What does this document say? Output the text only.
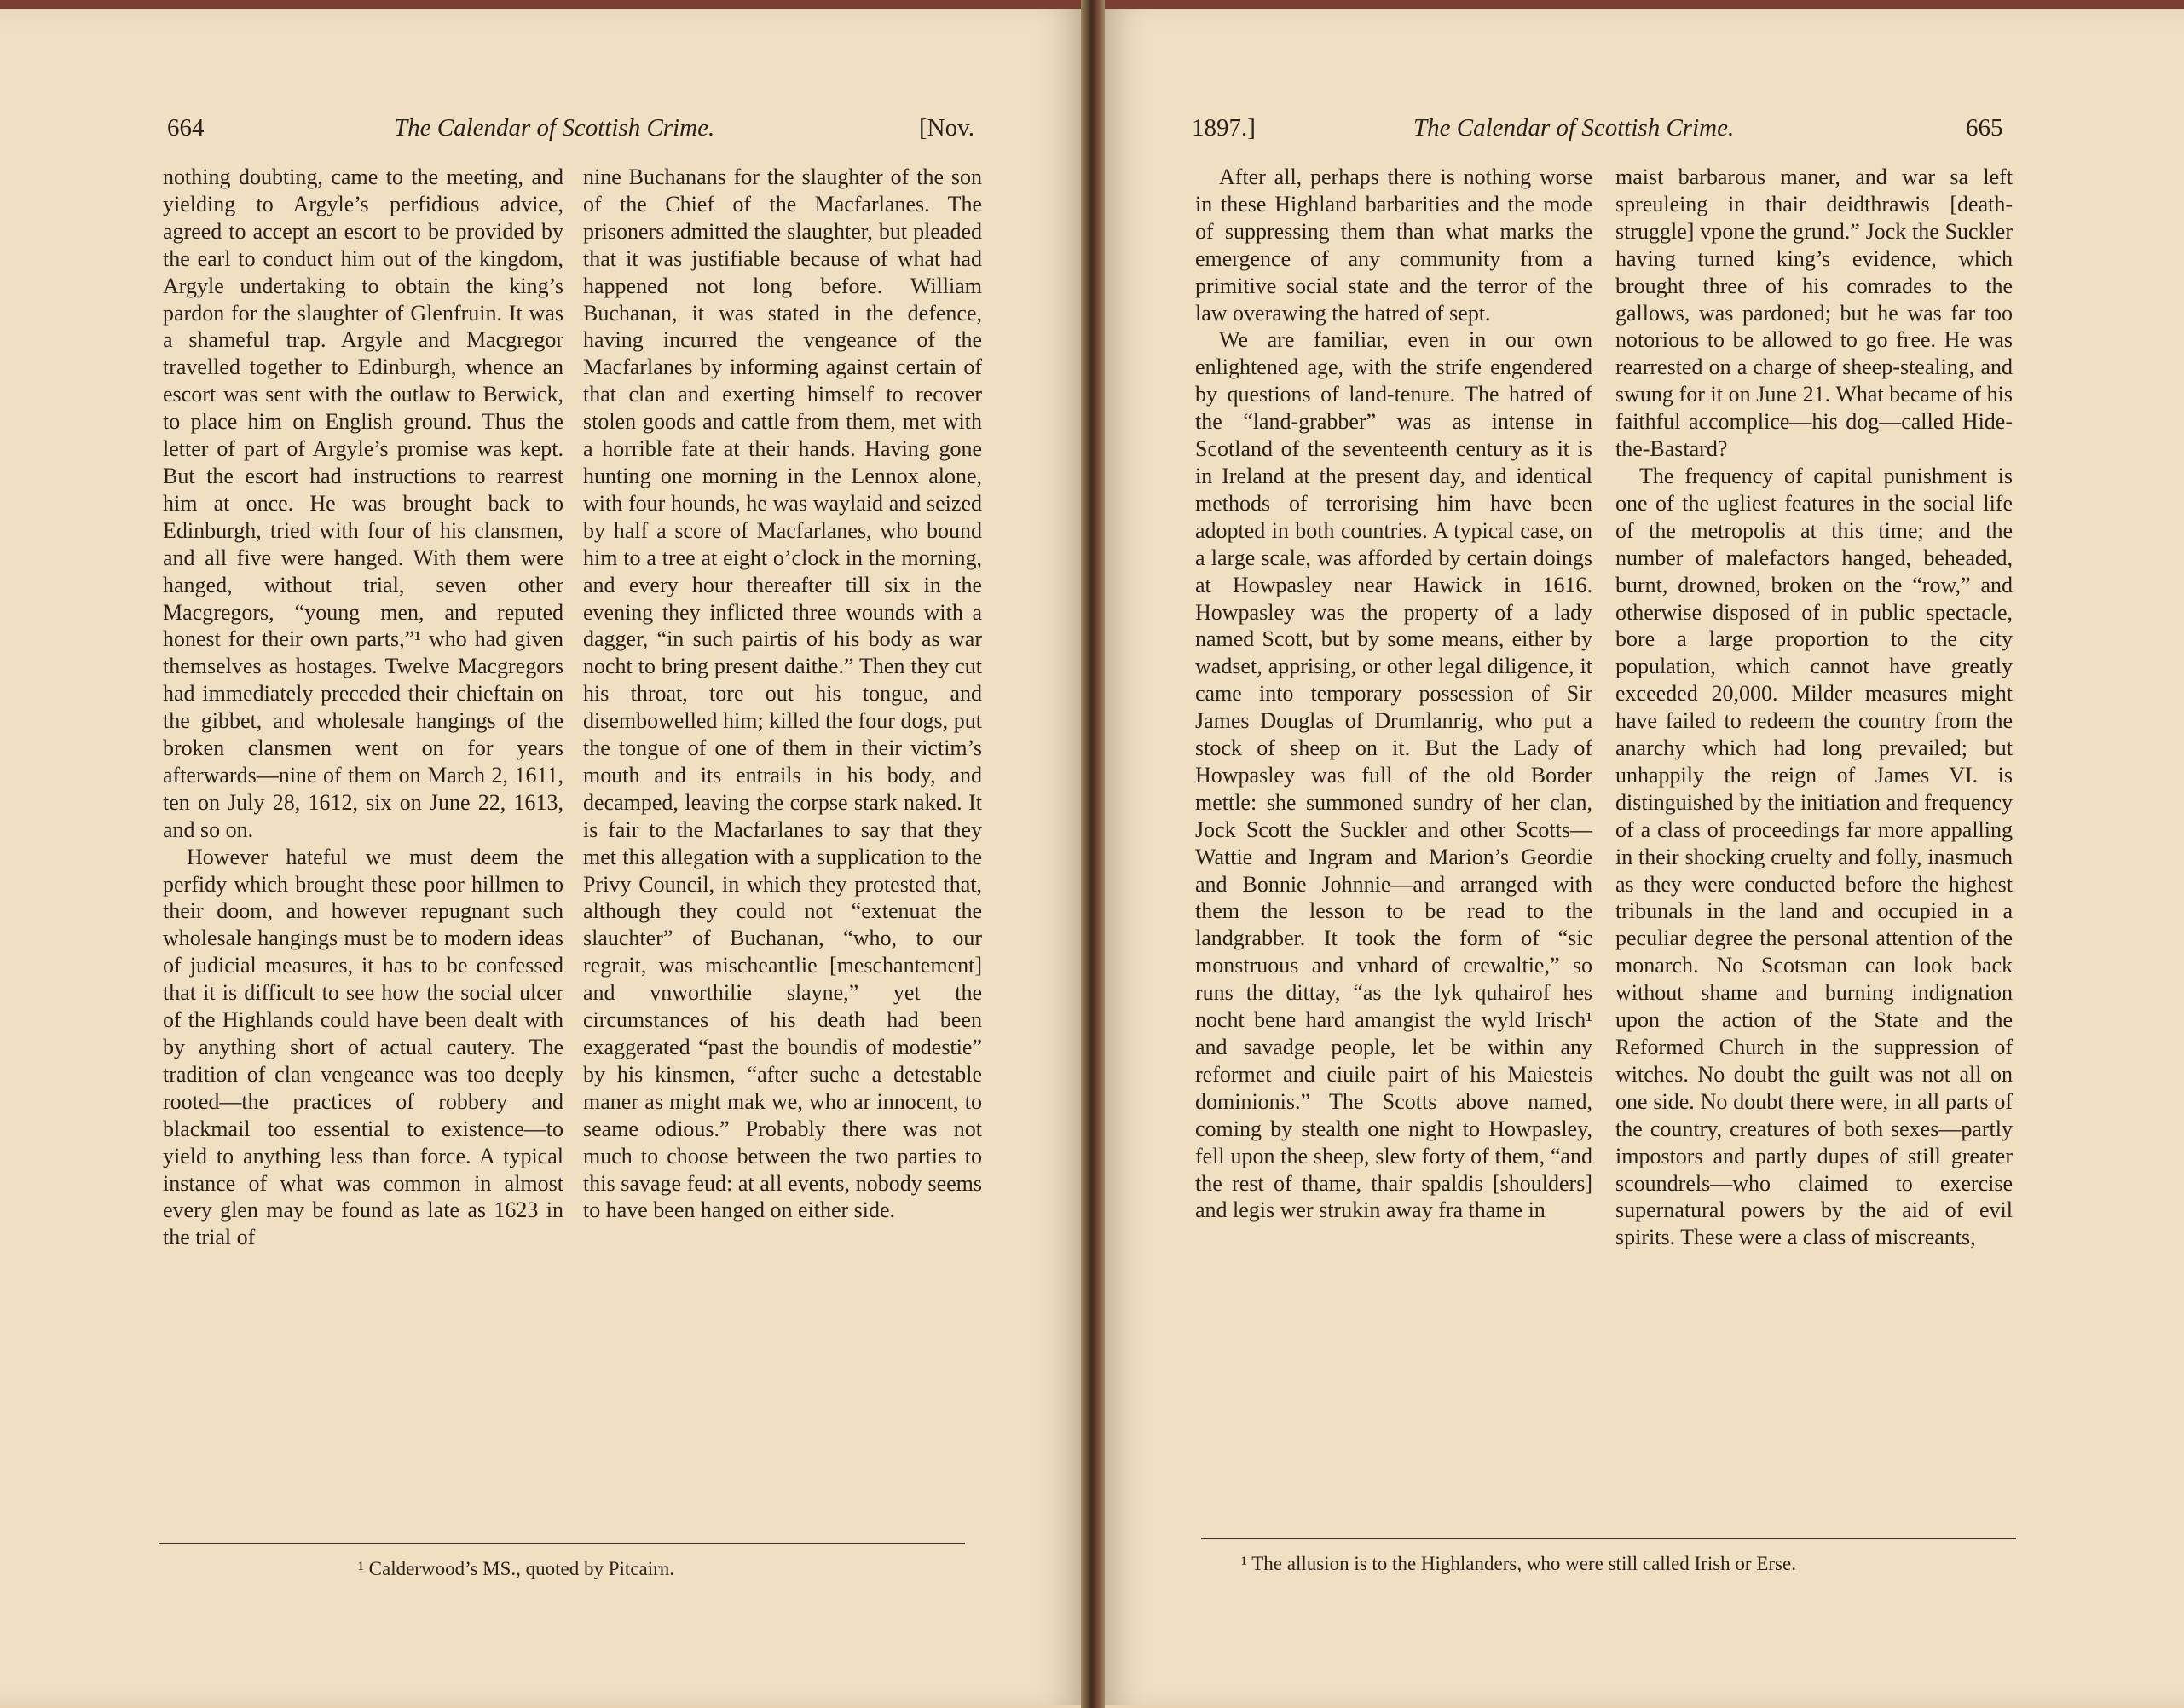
664	The Calendar of Scottish Crime.	[Nov.

nothing doubting, came to the meeting, and yielding to Argyle’s perfidious advice, agreed to accept an escort to be provided by the earl to conduct him out of the kingdom, Argyle undertaking to obtain the king’s pardon for the slaughter of Glenfruin. It was a shameful trap. Argyle and Macgregor travelled together to Edinburgh, whence an escort was sent with the outlaw to Berwick, to place him on English ground. Thus the letter of part of Argyle’s promise was kept. But the escort had instructions to rearrest him at once. He was brought back to Edinburgh, tried with four of his clansmen, and all five were hanged. With them were hanged, without trial, seven other Macgregors, “young men, and reputed honest for their own parts,”¹ who had given themselves as hostages. Twelve Macgregors had immediately preceded their chieftain on the gibbet, and wholesale hangings of the broken clansmen went on for years afterwards—nine of them on March 2, 1611, ten on July 28, 1612, six on June 22, 1613, and so on.

However hateful we must deem the perfidy which brought these poor hillmen to their doom, and however repugnant such wholesale hangings must be to modern ideas of judicial measures, it has to be confessed that it is difficult to see how the social ulcer of the Highlands could have been dealt with by anything short of actual cautery. The tradition of clan vengeance was too deeply rooted—the practices of robbery and blackmail too essential to existence—to yield to anything less than force. A typical instance of what was common in almost every glen may be found as late as 1623 in the trial of

nine Buchanans for the slaughter of the son of the Chief of the Macfarlanes. The prisoners admitted the slaughter, but pleaded that it was justifiable because of what had happened not long before. William Buchanan, it was stated in the defence, having incurred the vengeance of the Macfarlanes by informing against certain of that clan and exerting himself to recover stolen goods and cattle from them, met with a horrible fate at their hands. Having gone hunting one morning in the Lennox alone, with four hounds, he was waylaid and seized by half a score of Macfarlanes, who bound him to a tree at eight o’clock in the morning, and every hour thereafter till six in the evening they inflicted three wounds with a dagger, “in such pairtis of his body as war nocht to bring present daithe.” Then they cut his throat, tore out his tongue, and disembowelled him; killed the four dogs, put the tongue of one of them in their victim’s mouth and its entrails in his body, and decamped, leaving the corpse stark naked. It is fair to the Macfarlanes to say that they met this allegation with a supplication to the Privy Council, in which they protested that, although they could not “extenuat the slauchter” of Buchanan, “who, to our regrait, was mischeantlie [meschantement] and vnworthilie slayne,” yet the circumstances of his death had been exaggerated “past the boundis of modestie” by his kinsmen, “after suche a detestable maner as might mak we, who ar innocent, to seame odious.” Probably there was not much to choose between the two parties to this savage feud: at all events, nobody seems to have been hanged on either side.

¹ Calderwood’s MS., quoted by Pitcairn.
1897.]	The Calendar of Scottish Crime.	665

After all, perhaps there is nothing worse in these Highland barbarities and the mode of suppressing them than what marks the emergence of any community from a primitive social state and the terror of the law overawing the hatred of sept.

We are familiar, even in our own enlightened age, with the strife engendered by questions of land-tenure. The hatred of the “land-grabber” was as intense in Scotland of the seventeenth century as it is in Ireland at the present day, and identical methods of terrorising him have been adopted in both countries. A typical case, on a large scale, was afforded by certain doings at Howpasley near Hawick in 1616. Howpasley was the property of a lady named Scott, but by some means, either by wadset, apprising, or other legal diligence, it came into temporary possession of Sir James Douglas of Drumlanrig, who put a stock of sheep on it. But the Lady of Howpasley was full of the old Border mettle: she summoned sundry of her clan, Jock Scott the Suckler and other Scotts—Wattie and Ingram and Marion’s Geordie and Bonnie Johnnie—and arranged with them the lesson to be read to the landgrabber. It took the form of “sic monstruous and vnhard of crewaltie,” so runs the dittay, “as the lyk quhairof hes nocht bene hard amangist the wyld Irisch¹ and savadge people, let be within any reformet and ciuile pairt of his Maiesteis dominionis.” The Scotts above named, coming by stealth one night to Howpasley, fell upon the sheep, slew forty of them, “and the rest of thame, thair spaldis [shoulders] and legis wer strukin away fra thame in

maist barbarous maner, and war sa left spreuleing in thair deidthrawis [death-struggle] vpone the grund.” Jock the Suckler having turned king’s evidence, which brought three of his comrades to the gallows, was pardoned; but he was far too notorious to be allowed to go free. He was rearrested on a charge of sheep-stealing, and swung for it on June 21. What became of his faithful accomplice—his dog—called Hide-the-Bastard?

The frequency of capital punishment is one of the ugliest features in the social life of the metropolis at this time; and the number of malefactors hanged, beheaded, burnt, drowned, broken on the “row,” and otherwise disposed of in public spectacle, bore a large proportion to the city population, which cannot have greatly exceeded 20,000. Milder measures might have failed to redeem the country from the anarchy which had long prevailed; but unhappily the reign of James VI. is distinguished by the initiation and frequency of a class of proceedings far more appalling in their shocking cruelty and folly, inasmuch as they were conducted before the highest tribunals in the land and occupied in a peculiar degree the personal attention of the monarch. No Scotsman can look back without shame and burning indignation upon the action of the State and the Reformed Church in the suppression of witches. No doubt the guilt was not all on one side. No doubt there were, in all parts of the country, creatures of both sexes—partly impostors and partly dupes of still greater scoundrels—who claimed to exercise supernatural powers by the aid of evil spirits. These were a class of miscreants,

¹ The allusion is to the Highlanders, who were still called Irish or Erse.
